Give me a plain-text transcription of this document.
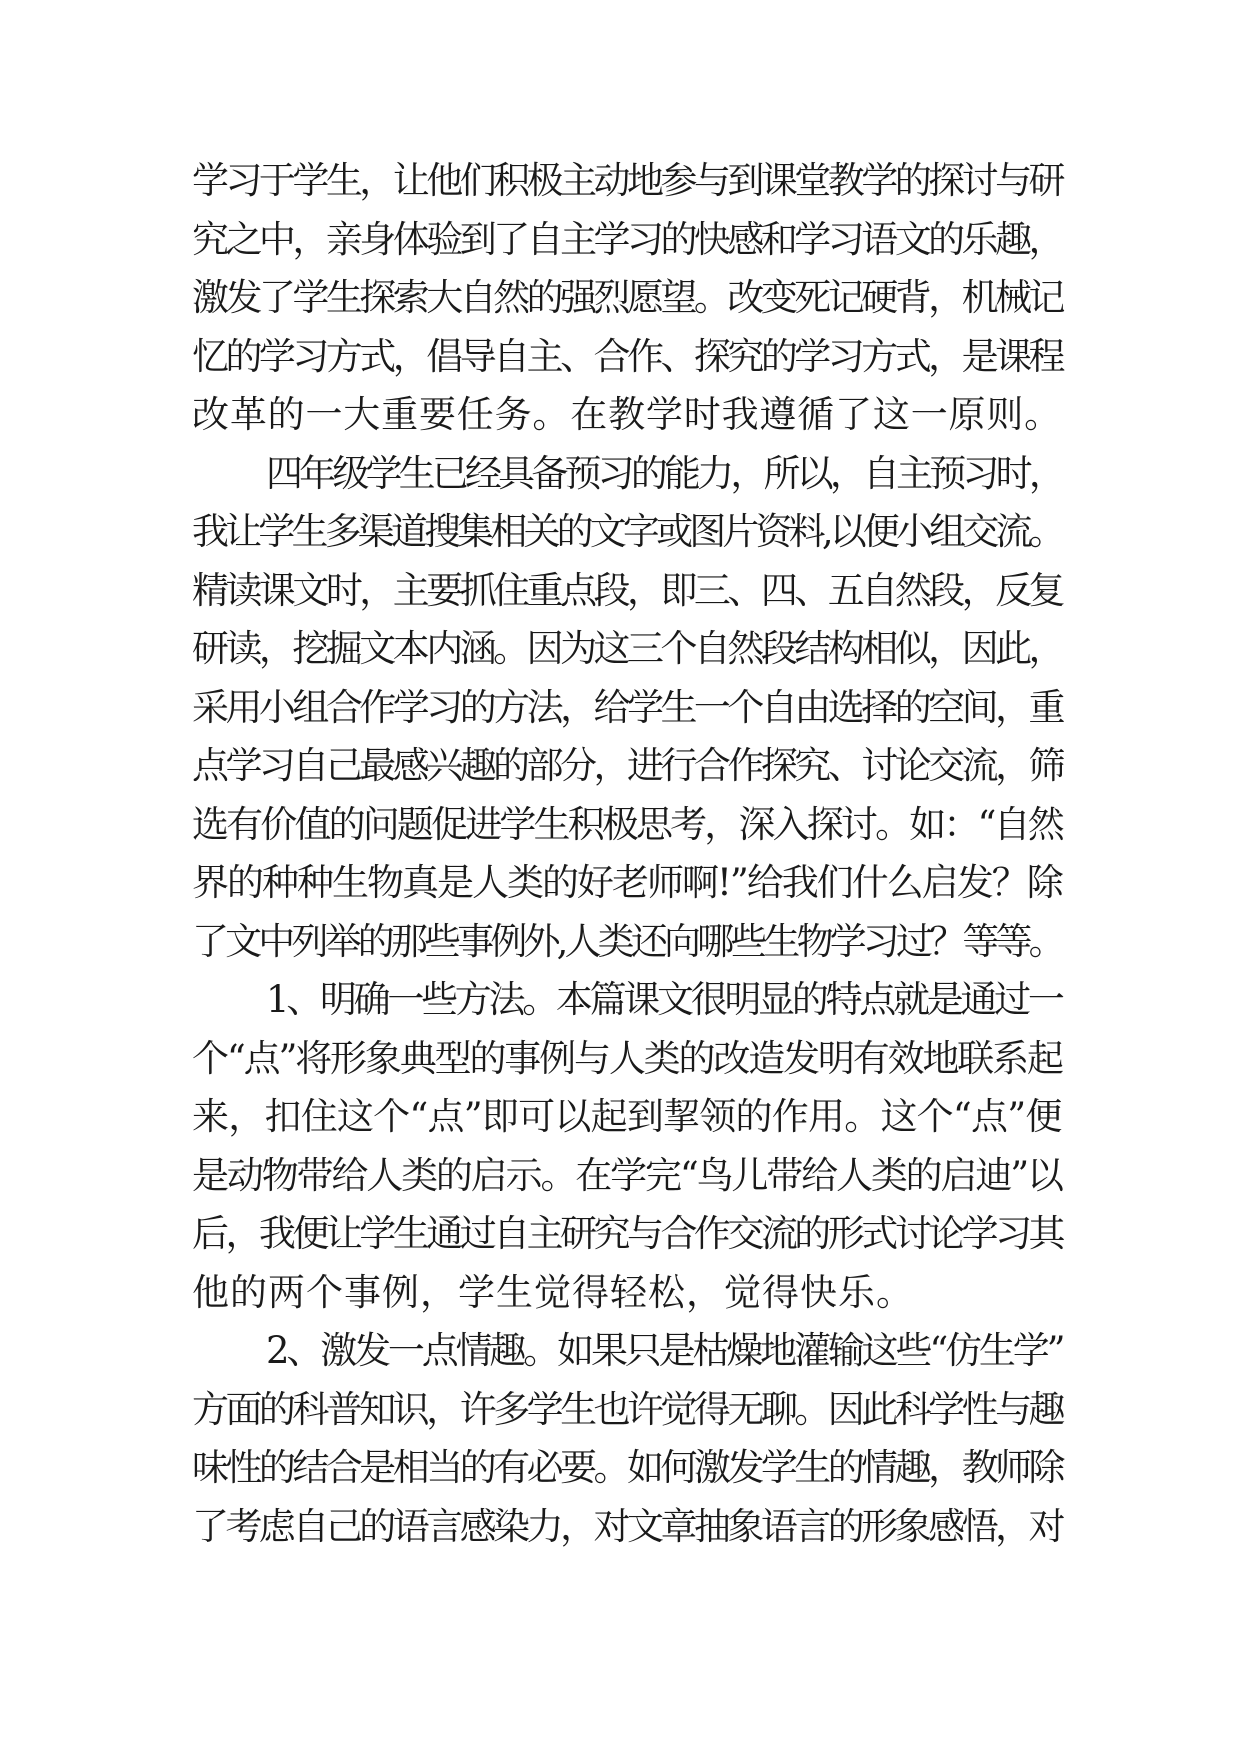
学习于学生，让他们积极主动地参与到课堂教学的探讨与研
究之中，亲身体验到了自主学习的快感和学习语文的乐趣，
激发了学生探索大自然的强烈愿望。改变死记硬背，机械记
忆的学习方式，倡导自主、合作、探究的学习方式，是课程
改革的一大重要任务。在教学时我遵循了这一原则。
四年级学生已经具备预习的能力，所以，自主预习时，
我让学生多渠道搜集相关的文字或图片资料,以便小组交流。
精读课文时，主要抓住重点段，即三、四、五自然段，反复
研读，挖掘文本内涵。因为这三个自然段结构相似，因此，
采用小组合作学习的方法，给学生一个自由选择的空间，重
点学习自己最感兴趣的部分，进行合作探究、讨论交流，筛
选有价值的问题促进学生积极思考，深入探讨。如：“自然
界的种种生物真是人类的好老师啊!”给我们什么启发？除
了文中列举的那些事例外,人类还向哪些生物学习过？等等。
1、明确一些方法。本篇课文很明显的特点就是通过一
个“点”将形象典型的事例与人类的改造发明有效地联系起
来，扣住这个“点”即可以起到挈领的作用。这个“点”便
是动物带给人类的启示。在学完“鸟儿带给人类的启迪”以
后，我便让学生通过自主研究与合作交流的形式讨论学习其
他的两个事例，学生觉得轻松，觉得快乐。
2、激发一点情趣。如果只是枯燥地灌输这些“仿生学”
方面的科普知识，许多学生也许觉得无聊。因此科学性与趣
味性的结合是相当的有必要。如何激发学生的情趣，教师除
了考虑自己的语言感染力，对文章抽象语言的形象感悟，对
